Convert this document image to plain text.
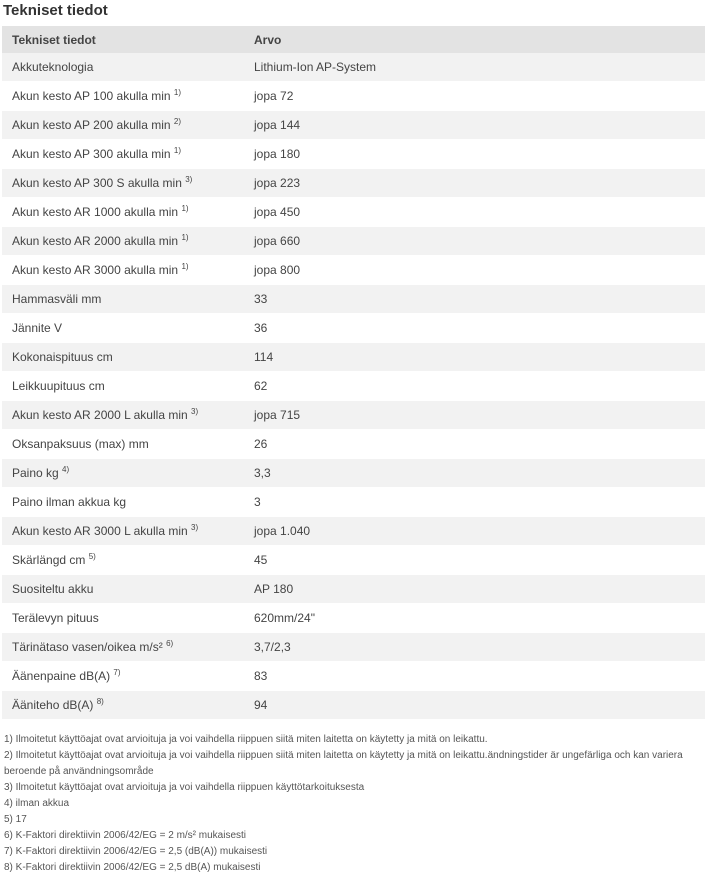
Tekniset tiedot
Tekniset tiedot	Arvo
Akkuteknologia	Lithium-Ion AP-System
Akun kesto AP 100 akulla min $^{1)}$	jopa 72
Akun kesto AP 200 akulla min $^{2)}$	jopa 144
Akun kesto AP 300 akulla min $^{1)}$	jopa 180
Akun kesto AP 300 S akulla min $^{3)}$	jopa 223
Akun kesto AR 1000 akulla min $^{1)}$	jopa 450
Akun kesto AR 2000 akulla min $^{1)}$	jopa 660
Akun kesto AR 3000 akulla min $^{1)}$	jopa 800
Hammasväli mm	33
Jännite V	36
Kokonaispituus cm	114
Leikkuupituus cm	62
Akun kesto AR 2000 L akulla min $^{3)}$	jopa 715
Oksanpaksuus (max) mm	26
Paino kg $^{4)}$	3,3
Paino ilman akkua kg	3
Akun kesto AR 3000 L akulla min $^{3)}$	jopa 1.040
Skärlängd cm $^{5)}$	45
Suositeltu akku	AP 180
Terälevyn pituus	620mm/24"
Tärinätaso vasen/oikea m/s² $^{6)}$	3,7/2,3
Äänenpaine dB(A) $^{7)}$	83
Ääniteho dB(A) $^{8)}$	94
1) Ilmoitetut käyttöajat ovat arvioituja ja voi vaihdella riippuen siitä miten laitetta on käytetty ja mitä on leikattu.
2) Ilmoitetut käyttöajat ovat arvioituja ja voi vaihdella riippuen siitä miten laitetta on käytetty ja mitä on leikattu.ändningstider är ungefärliga och kan variera beroende på användningsområde
3) Ilmoitetut käyttöajat ovat arvioituja ja voi vaihdella riippuen käyttötarkoituksesta
4) ilman akkua
5) 17
6) K-Faktori direktiivin 2006/42/EG = 2 m/s² mukaisesti
7) K-Faktori direktiivin 2006/42/EG = 2,5 (dB(A)) mukaisesti
8) K-Faktori direktiivin 2006/42/EG = 2,5 dB(A) mukaisesti
